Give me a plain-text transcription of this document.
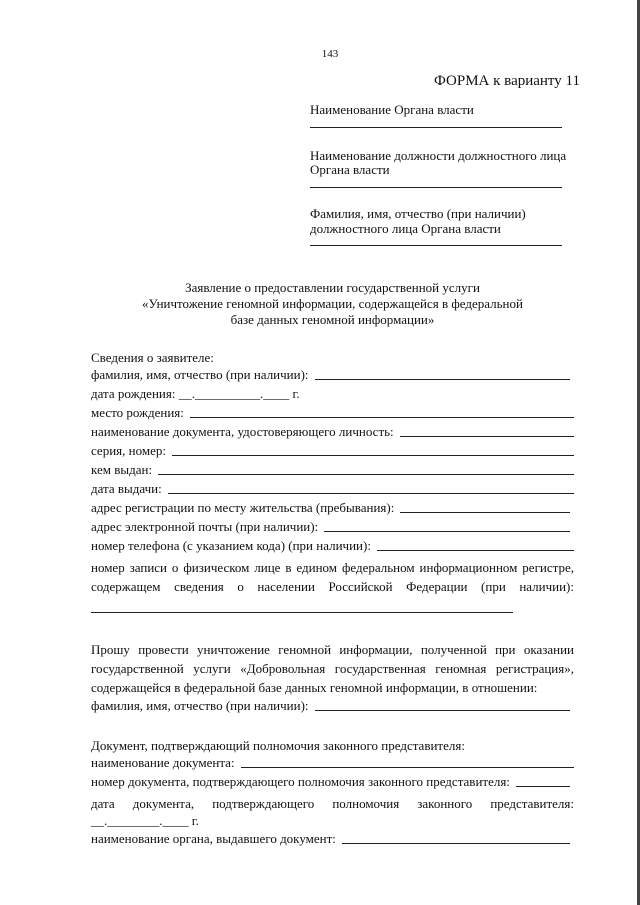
143
ФОРМА к варианту 11
Наименование Органа власти
Наименование должности должностного лица
Органа власти
Фамилия, имя, отчество (при наличии)
должностного лица Органа власти
Заявление о предоставлении государственной услуги
«Уничтожение геномной информации, содержащейся в федеральной
базе данных геномной информации»
Сведения о заявителе:
фамилия, имя, отчество (при наличии):
дата рождения: __.__________.____ г.
место рождения:
наименование документа, удостоверяющего личность:
серия, номер:
кем выдан:
дата выдачи:
адрес регистрации по месту жительства (пребывания):
адрес электронной почты (при наличии):
номер телефона (с указанием кода) (при наличии):
номер записи о физическом лице в едином федеральном информационном регистре,
содержащем сведения о населении Российской Федерации (при наличии):
Прошу провести уничтожение геномной информации, полученной при оказании
государственной услуги «Добровольная государственная геномная регистрация»,
содержащейся в федеральной базе данных геномной информации, в отношении:
фамилия, имя, отчество (при наличии):
Документ, подтверждающий полномочия законного представителя:
наименование документа:
номер документа, подтверждающего полномочия законного представителя:
дата документа, подтверждающего полномочия законного представителя:
__.________.____ г.
наименование органа, выдавшего документ:
